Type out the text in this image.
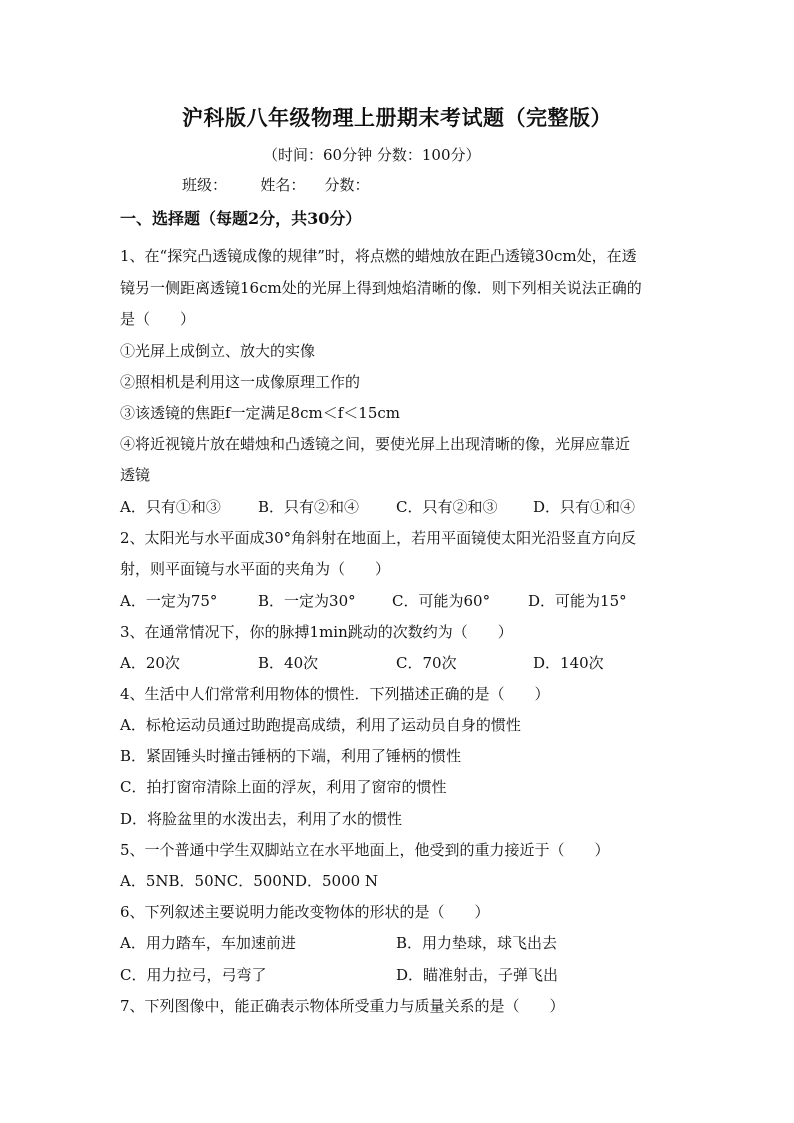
沪科版八年级物理上册期末考试题（完整版）
（时间：60分钟 分数：100分）
班级：       姓名：    分数：
一、选择题（每题2分，共30分）
1、在“探究凸透镜成像的规律”时，将点燃的蜡烛放在距凸透镜30cm处，在透
镜另一侧距离透镜16cm处的光屏上得到烛焰清晰的像．则下列相关说法正确的
是（　　）
①光屏上成倒立、放大的实像
②照相机是利用这一成像原理工作的
③该透镜的焦距f一定满足8cm＜f＜15cm
④将近视镜片放在蜡烛和凸透镜之间，要使光屏上出现清晰的像，光屏应靠近
透镜
A．只有①和③ B．只有②和④ C．只有②和③ D．只有①和④
2、太阳光与水平面成30°角斜射在地面上，若用平面镜使太阳光沿竖直方向反
射，则平面镜与水平面的夹角为（　　）
A．一定为75°	B．一定为30° C．可能为60°	D．可能为15°
3、在通常情况下，你的脉搏1min跳动的次数约为（　　）
A．20次	B．40次	C．70次	D．140次
4、生活中人们常常利用物体的惯性．下列描述正确的是（　　）
A．标枪运动员通过助跑提高成绩，利用了运动员自身的惯性
B．紧固锤头时撞击锤柄的下端，利用了锤柄的惯性
C．拍打窗帘清除上面的浮灰，利用了窗帘的惯性
D．将脸盆里的水泼出去，利用了水的惯性
5、一个普通中学生双脚站立在水平地面上，他受到的重力接近于（　　）
A．5NB．50NC．500ND．5000 N
6、下列叙述主要说明力能改变物体的形状的是（　　）
A．用力踏车，车加速前进	B．用力垫球，球飞出去
C．用力拉弓，弓弯了	D．瞄准射击，子弹飞出
7、下列图像中，能正确表示物体所受重力与质量关系的是（　　）
